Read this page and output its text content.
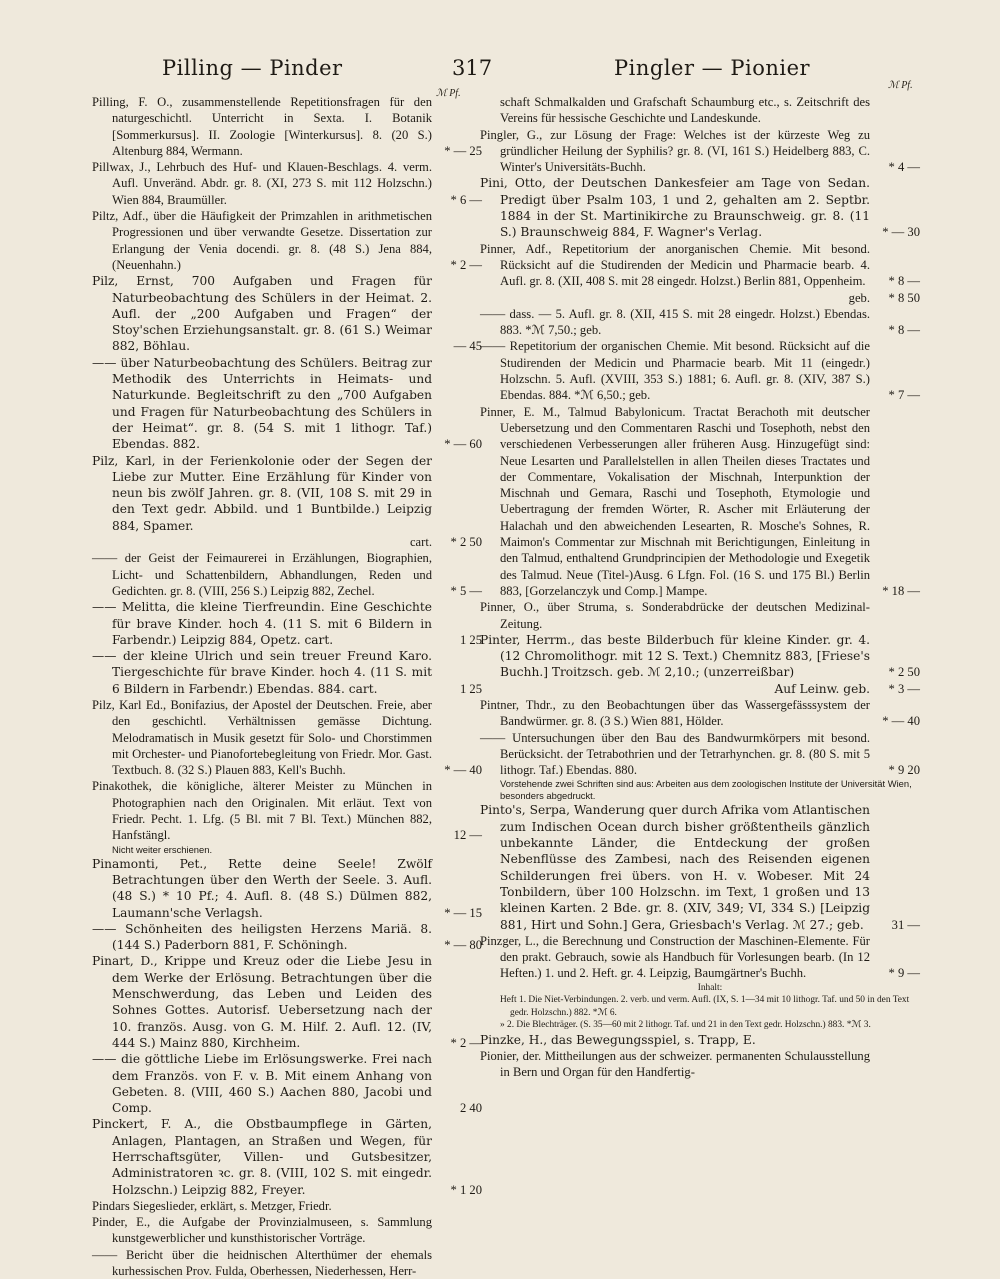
Pilling — Pinder	317	Pingler — Pionier
ℳ Pf.
ℳ Pf.
Pilling, F. O., zusammenstellende Repetitionsfragen für den naturgeschichtl. Unterricht in Sexta. I. Botanik [Sommerkursus]. II. Zoologie [Winterkursus]. 8. (20 S.) Altenburg 884, Wermann.	* — 25
Pillwax, J., Lehrbuch des Huf- und Klauen-Beschlags. 4. verm. Aufl. Unveränd. Abdr. gr. 8. (XI, 273 S. mit 112 Holzschn.) Wien 884, Braumüller.	* 6 —
Piltz, Adf., über die Häufigkeit der Primzahlen in arithmetischen Progressionen und über verwandte Gesetze. Dissertation zur Erlangung der Venia docendi. gr. 8. (48 S.) Jena 884, (Neuenhahn.)	* 2 —
Pilz, Ernst, 700 Aufgaben und Fragen für Naturbeobachtung des Schülers in der Heimat. 2. Aufl. der „200 Aufgaben und Fragen“ der Stoy'schen Erziehungsanstalt. gr. 8. (61 S.) Weimar 882, Böhlau.	— 45
—— über Naturbeobachtung des Schülers. Beitrag zur Methodik des Unterrichts in Heimats- und Naturkunde. Begleitschrift zu den „700 Aufgaben und Fragen für Naturbeobachtung des Schülers in der Heimat“. gr. 8. (54 S. mit 1 lithogr. Taf.) Ebendas. 882.	* — 60
Pilz, Karl, in der Ferienkolonie oder der Segen der Liebe zur Mutter. Eine Erzählung für Kinder von neun bis zwölf Jahren. gr. 8. (VII, 108 S. mit 29 in den Text gedr. Abbild. und 1 Buntbilde.) Leipzig 884, Spamer.
cart.	* 2 50
—— der Geist der Feimaurerei in Erzählungen, Biographien, Licht- und Schattenbildern, Abhandlungen, Reden und Gedichten. gr. 8. (VIII, 256 S.) Leipzig 882, Zechel.	* 5 —
—— Melitta, die kleine Tierfreundin. Eine Geschichte für brave Kinder. hoch 4. (11 S. mit 6 Bildern in Farbendr.) Leipzig 884, Opetz. cart.	1 25
—— der kleine Ulrich und sein treuer Freund Karo. Tiergeschichte für brave Kinder. hoch 4. (11 S. mit 6 Bildern in Farbendr.) Ebendas. 884. cart.	1 25
Pilz, Karl Ed., Bonifazius, der Apostel der Deutschen. Freie, aber den geschichtl. Verhältnissen gemässe Dichtung. Melodramatisch in Musik gesetzt für Solo- und Chorstimmen mit Orchester- und Pianofortebegleitung von Friedr. Mor. Gast. Textbuch. 8. (32 S.) Plauen 883, Kell's Buchh.	* — 40
Pinakothek, die königliche, älterer Meister zu München in Photographien nach den Originalen. Mit erläut. Text von Friedr. Pecht. 1. Lfg. (5 Bl. mit 7 Bl. Text.) München 882, Hanfstängl.	12 —
Nicht weiter erschienen.
Pinamonti, Pet., Rette deine Seele! Zwölf Betrachtungen über den Werth der Seele. 3. Aufl. (48 S.) * 10 Pf.; 4. Aufl. 8. (48 S.) Dülmen 882, Laumann'sche Verlagsh.	* — 15
—— Schönheiten des heiligsten Herzens Mariä. 8. (144 S.) Paderborn 881, F. Schöningh.	* — 80
Pinart, D., Krippe und Kreuz oder die Liebe Jesu in dem Werke der Erlösung. Betrachtungen über die Menschwerdung, das Leben und Leiden des Sohnes Gottes. Autorisf. Uebersetzung nach der 10. französ. Ausg. von G. M. Hilf. 2. Aufl. 12. (IV, 444 S.) Mainz 880, Kirchheim.	* 2 —
—— die göttliche Liebe im Erlösungswerke. Frei nach dem Französ. von F. v. B. Mit einem Anhang von Gebeten. 8. (VIII, 460 S.) Aachen 880, Jacobi und Comp.	2 40
Pinckert, F. A., die Obstbaumpflege in Gärten, Anlagen, Plantagen, an Straßen und Wegen, für Herrschaftsgüter, Villen- und Gutsbesitzer, Administratoren ꝛc. gr. 8. (VIII, 102 S. mit eingedr. Holzschn.) Leipzig 882, Freyer.	* 1 20
Pindars Siegeslieder, erklärt, s. Metzger, Friedr.
Pinder, E., die Aufgabe der Provinzialmuseen, s. Sammlung kunstgewerblicher und kunsthistorischer Vorträge.
—— Bericht über die heidnischen Alterthümer der ehemals kurhessischen Prov. Fulda, Oberhessen, Niederhessen, Herr-
schaft Schmalkalden und Grafschaft Schaumburg etc., s. Zeitschrift des Vereins für hessische Geschichte und Landeskunde.
Pingler, G., zur Lösung der Frage: Welches ist der kürzeste Weg zu gründlicher Heilung der Syphilis? gr. 8. (VI, 161 S.) Heidelberg 883, C. Winter's Universitäts-Buchh.	* 4 —
Pini, Otto, der Deutschen Dankesfeier am Tage von Sedan. Predigt über Psalm 103, 1 und 2, gehalten am 2. Septbr. 1884 in der St. Martinikirche zu Braunschweig. gr. 8. (11 S.) Braunschweig 884, F. Wagner's Verlag.	* — 30
Pinner, Adf., Repetitorium der anorganischen Chemie. Mit besond. Rücksicht auf die Studirenden der Medicin und Pharmacie bearb. 4. Aufl. gr. 8. (XII, 408 S. mit 28 eingedr. Holzst.) Berlin 881, Oppenheim.	* 8 —
geb.	* 8 50
—— dass. — 5. Aufl. gr. 8. (XII, 415 S. mit 28 eingedr. Holzst.) Ebendas. 883. *ℳ 7,50.; geb.	* 8 —
—— Repetitorium der organischen Chemie. Mit besond. Rücksicht auf die Studirenden der Medicin und Pharmacie bearb. Mit 11 (eingedr.) Holzschn. 5. Aufl. (XVIII, 353 S.) 1881; 6. Aufl. gr. 8. (XIV, 387 S.) Ebendas. 884. *ℳ 6,50.; geb.	* 7 —
Pinner, E. M., Talmud Babylonicum. Tractat Berachoth mit deutscher Uebersetzung und den Commentaren Raschi und Tosephoth, nebst den verschiedenen Verbesserungen aller früheren Ausg. Hinzugefügt sind: Neue Lesarten und Parallelstellen in allen Theilen dieses Tractates und der Commentare, Vokalisation der Mischnah, Interpunktion der Mischnah und Gemara, Raschi und Tosephoth, Etymologie und Uebertragung der fremden Wörter, R. Ascher mit Erläuterung der Halachah und den abweichenden Lesearten, R. Mosche's Sohnes, R. Maimon's Commentar zur Mischnah mit Berichtigungen, Einleitung in den Talmud, enthaltend Grundprincipien der Methodologie und Exegetik des Talmud. Neue (Titel-)Ausg. 6 Lfgn. Fol. (16 S. und 175 Bl.) Berlin 883, [Gorzelanczyk und Comp.] Mampe.	* 18 —
Pinner, O., über Struma, s. Sonderabdrücke der deutschen Medizinal-Zeitung.
Pinter, Herrm., das beste Bilderbuch für kleine Kinder. gr. 4. (12 Chromolithogr. mit 12 S. Text.) Chemnitz 883, [Friese's Buchh.] Troitzsch. geb. ℳ 2,10.; (unzerreißbar)	* 2 50
Auf Leinw. geb.	* 3 —
Pintner, Thdr., zu den Beobachtungen über das Wassergefässsystem der Bandwürmer. gr. 8. (3 S.) Wien 881, Hölder.	* — 40
—— Untersuchungen über den Bau des Bandwurmkörpers mit besond. Berücksicht. der Tetrabothrien und der Tetrarhynchen. gr. 8. (80 S. mit 5 lithogr. Taf.) Ebendas. 880.	* 9 20
Vorstehende zwei Schriften sind aus: Arbeiten aus dem zoologischen Institute der Universität Wien, besonders abgedruckt.
Pinto's, Serpa, Wanderung quer durch Afrika vom Atlantischen zum Indischen Ocean durch bisher größtentheils gänzlich unbekannte Länder, die Entdeckung der großen Nebenflüsse des Zambesi, nach des Reisenden eigenen Schilderungen frei übers. von H. v. Wobeser. Mit 24 Tonbildern, über 100 Holzschn. im Text, 1 großen und 13 kleinen Karten. 2 Bde. gr. 8. (XIV, 349; VI, 334 S.) [Leipzig 881, Hirt und Sohn.] Gera, Griesbach's Verlag. ℳ 27.; geb.	31 —
Pinzger, L., die Berechnung und Construction der Maschinen-Elemente. Für den prakt. Gebrauch, sowie als Handbuch für Vorlesungen bearb. (In 12 Heften.) 1. und 2. Heft. gr. 4. Leipzig, Baumgärtner's Buchh.	* 9 —
Inhalt:
Heft 1. Die Niet-Verbindungen. 2. verb. und verm. Aufl. (IX, S. 1—34 mit 10 lithogr. Taf. und 50 in den Text gedr. Holzschn.) 882. *ℳ 6.
» 2. Die Blechträger. (S. 35—60 mit 2 lithogr. Taf. und 21 in den Text gedr. Holzschn.) 883. *ℳ 3.
Pinzke, H., das Bewegungsspiel, s. Trapp, E.
Pionier, der. Mittheilungen aus der schweizer. permanenten Schulausstellung in Bern und Organ für den Handfertig-
